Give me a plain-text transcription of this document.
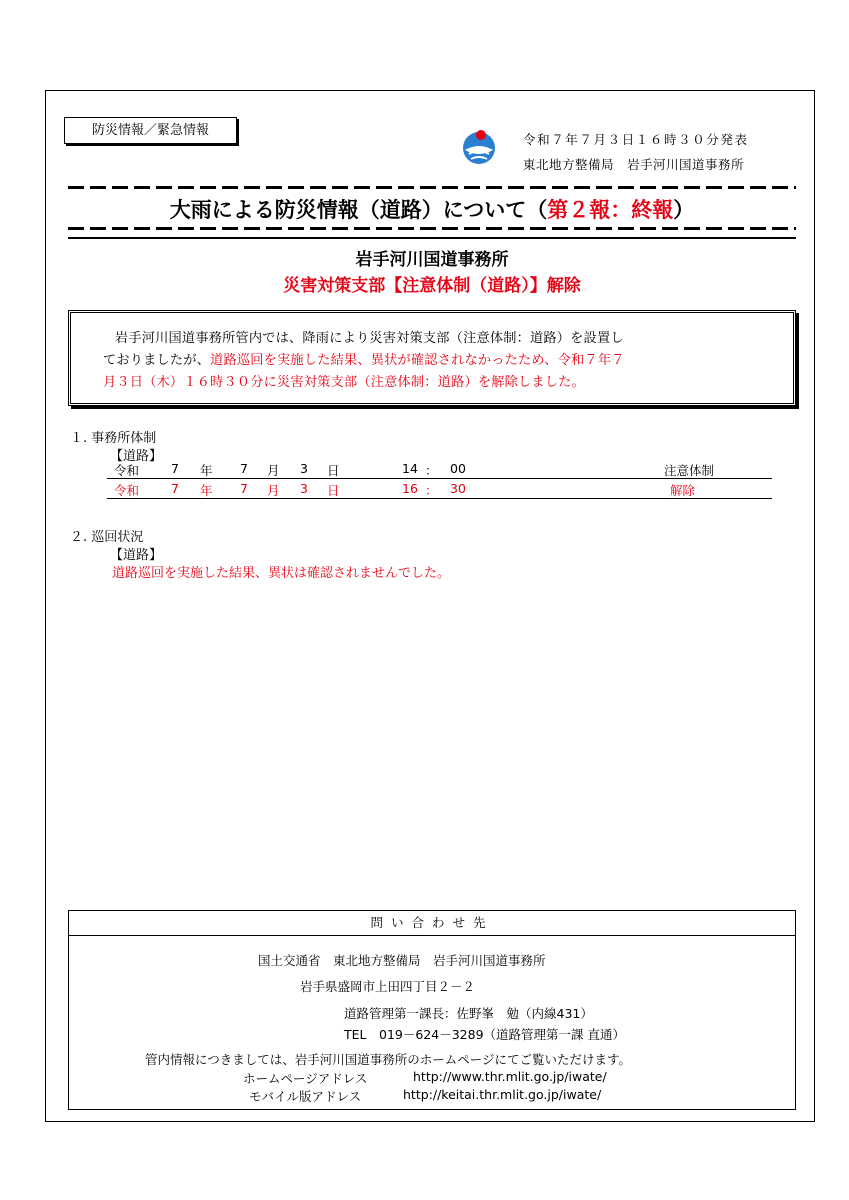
防災情報／緊急情報
令和７年７月３日１６時３０分発表
東北地方整備局　岩手河川国道事務所
大雨による防災情報（道路）について（第２報：終報）
岩手河川国道事務所
災害対策支部【注意体制（道路）】解除
岩手河川国道事務所管内では、降雨により災害対策支部（注意体制：道路）を設置し
ておりましたが、道路巡回を実施した結果、異状が確認されなかったため、令和７年７
月３日（木）１６時３０分に災害対策支部（注意体制：道路）を解除しました。
１. 事務所体制
【道路】
令和	7 年 7 月 3 日	14 ： 00	注意体制
令和	7 年 7 月 3 日	16 ： 30	解除
２. 巡回状況
【道路】
道路巡回を実施した結果、異状は確認されませんでした。
問い合わせ先
国土交通省　東北地方整備局　岩手河川国道事務所
岩手県盛岡市上田四丁目２－２
道路管理第一課長：佐野峯　勉（内線431）
TEL　019－624－3289（道路管理第一課 直通）
管内情報につきましては、岩手河川国道事務所のホームページにてご覧いただけます。
ホームページアドレス	http://www.thr.mlit.go.jp/iwate/
モバイル版アドレス	http://keitai.thr.mlit.go.jp/iwate/
